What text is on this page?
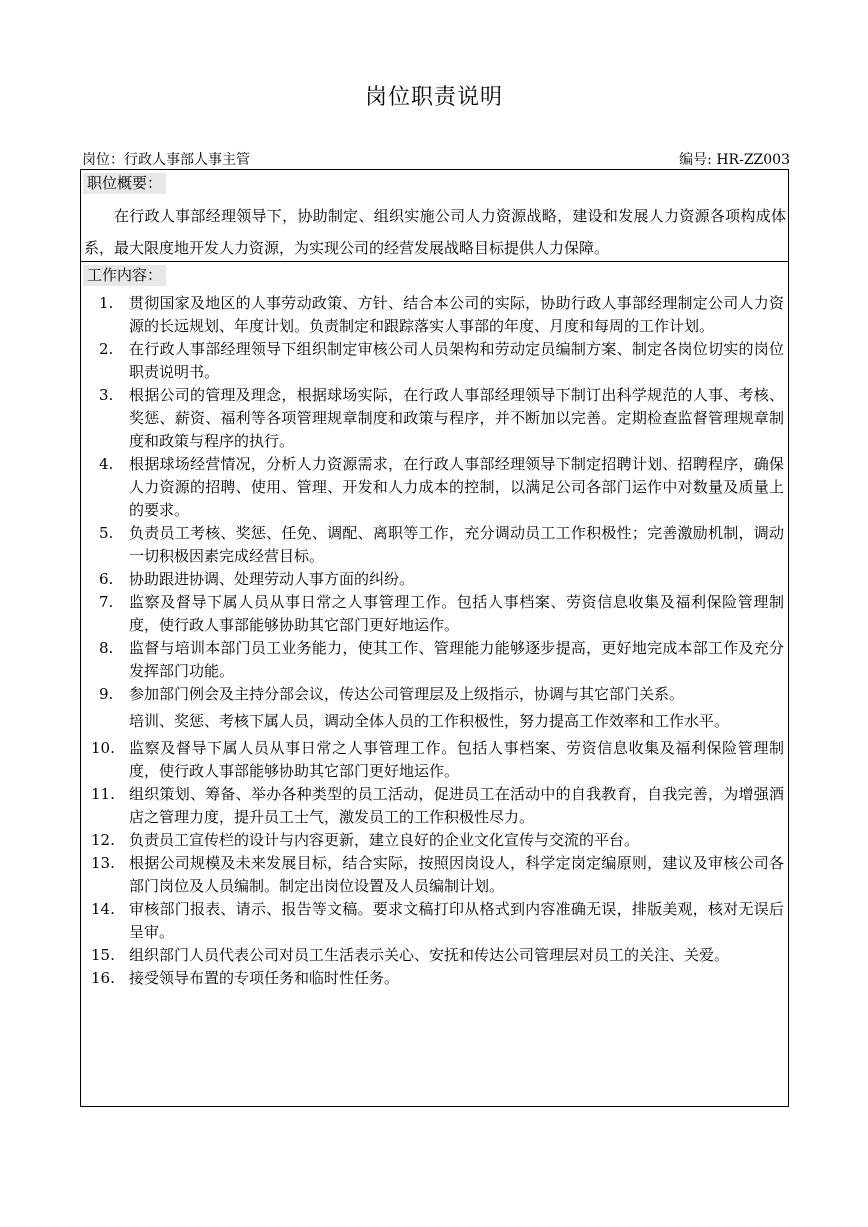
岗位职责说明
岗位：行政人事部人事主管	编号: HR-ZZ003
职位概要：
在行政人事部经理领导下，协助制定、组织实施公司人力资源战略，建设和发展人力资源各项构成体系，最大限度地开发人力资源，为实现公司的经营发展战略目标提供人力保障。
工作内容：
1.	贯彻国家及地区的人事劳动政策、方针、结合本公司的实际，协助行政人事部经理制定公司人力资源的长远规划、年度计划。负责制定和跟踪落实人事部的年度、月度和每周的工作计划。
2.	在行政人事部经理领导下组织制定审核公司人员架构和劳动定员编制方案、制定各岗位切实的岗位职责说明书。
3.	根据公司的管理及理念，根据球场实际，在行政人事部经理领导下制订出科学规范的人事、考核、奖惩、薪资、福利等各项管理规章制度和政策与程序，并不断加以完善。定期检查监督管理规章制度和政策与程序的执行。
4.	根据球场经营情况，分析人力资源需求，在行政人事部经理领导下制定招聘计划、招聘程序，确保人力资源的招聘、使用、管理、开发和人力成本的控制，以满足公司各部门运作中对数量及质量上的要求。
5.	负责员工考核、奖惩、任免、调配、离职等工作，充分调动员工工作积极性；完善激励机制，调动一切积极因素完成经营目标。
6.	协助跟进协调、处理劳动人事方面的纠纷。
7.	监察及督导下属人员从事日常之人事管理工作。包括人事档案、劳资信息收集及福利保险管理制度，使行政人事部能够协助其它部门更好地运作。
8.	监督与培训本部门员工业务能力，使其工作、管理能力能够逐步提高，更好地完成本部工作及充分发挥部门功能。
9.	参加部门例会及主持分部会议，传达公司管理层及上级指示，协调与其它部门关系。
培训、奖惩、考核下属人员，调动全体人员的工作积极性，努力提高工作效率和工作水平。
10. 监察及督导下属人员从事日常之人事管理工作。包括人事档案、劳资信息收集及福利保险管理制度，使行政人事部能够协助其它部门更好地运作。
11. 组织策划、筹备、举办各种类型的员工活动，促进员工在活动中的自我教育，自我完善，为增强酒店之管理力度，提升员工士气，激发员工的工作积极性尽力。
12. 负责员工宣传栏的设计与内容更新，建立良好的企业文化宣传与交流的平台。
13. 根据公司规模及未来发展目标，结合实际，按照因岗设人，科学定岗定编原则，建议及审核公司各部门岗位及人员编制。制定出岗位设置及人员编制计划。
14. 审核部门报表、请示、报告等文稿。要求文稿打印从格式到内容准确无误，排版美观，核对无误后呈审。
15. 组织部门人员代表公司对员工生活表示关心、安抚和传达公司管理层对员工的关注、关爱。
16. 接受领导布置的专项任务和临时性任务。
